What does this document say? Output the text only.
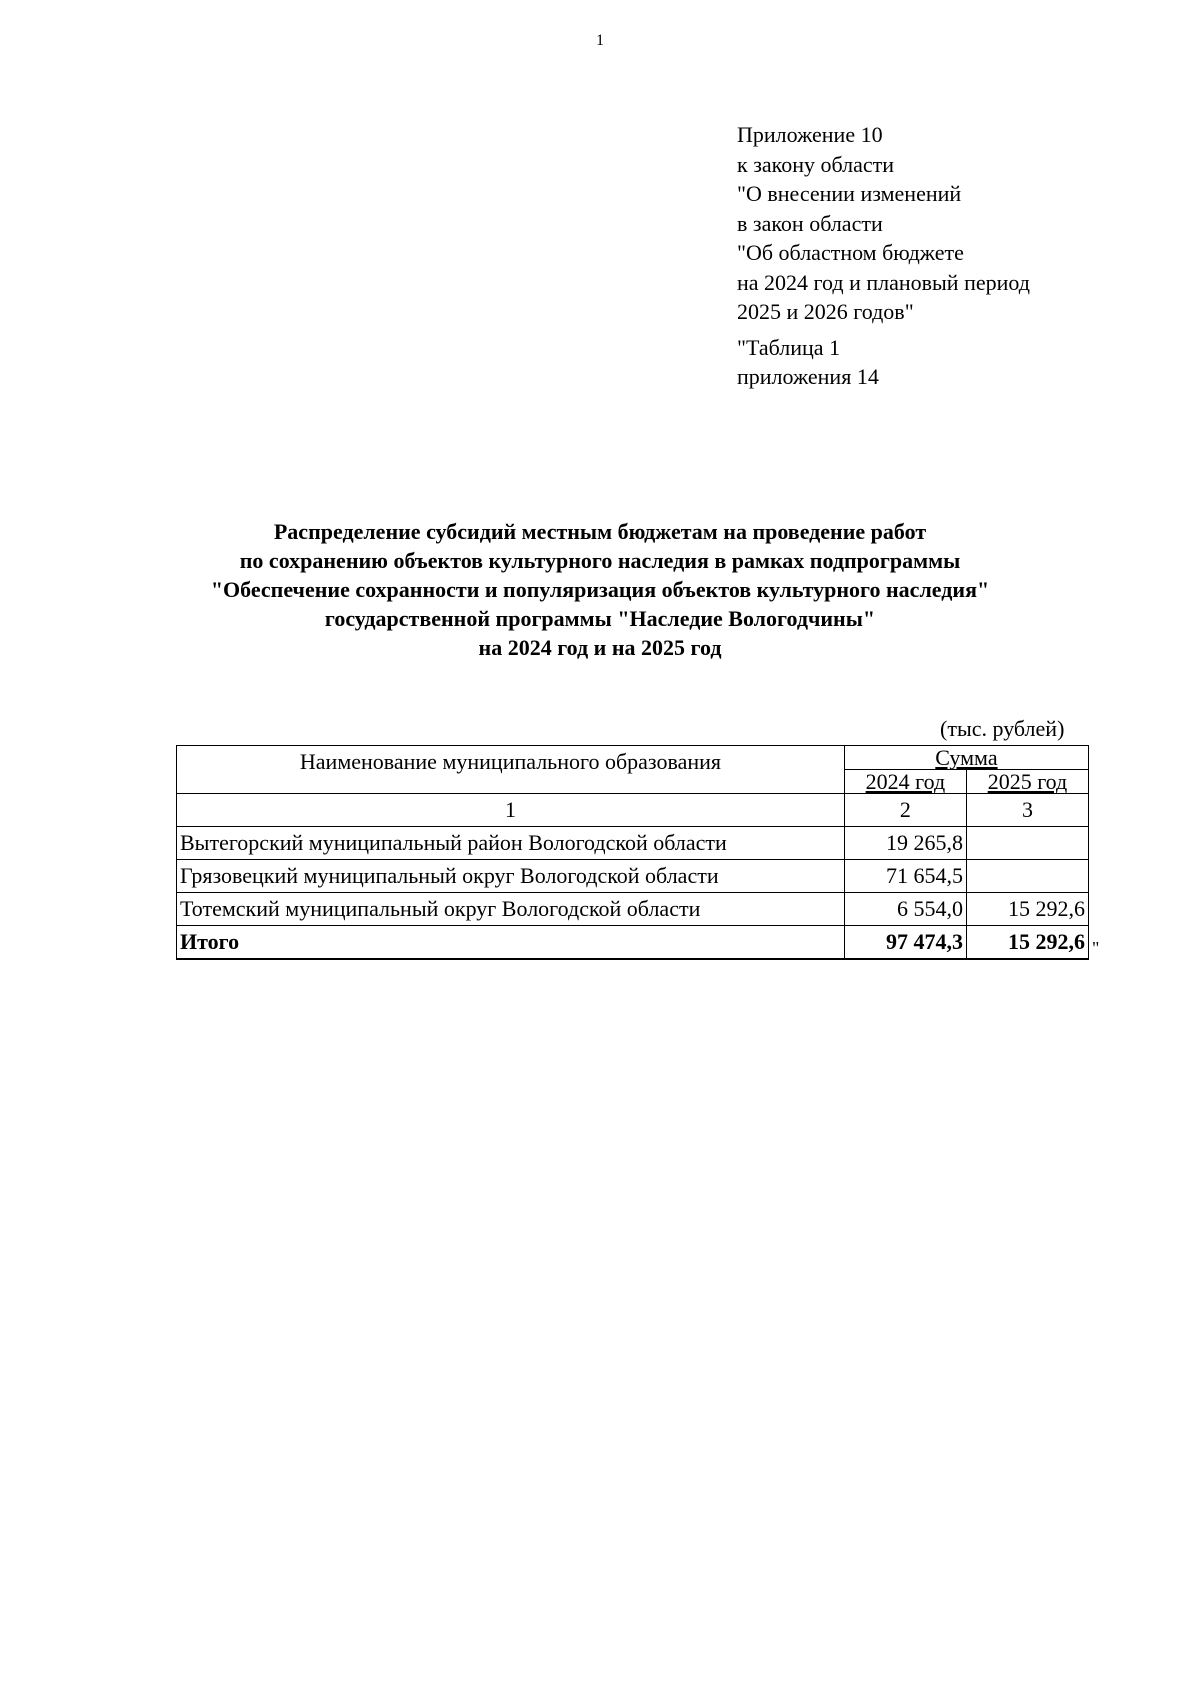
1
Приложение 10
к закону области
"О внесении изменений
в закон области
"Об областном бюджете
на 2024 год и плановый период
2025 и 2026 годов"
"Таблица 1
приложения 14
Распределение субсидий местным бюджетам на проведение работ
по сохранению объектов культурного наследия в рамках подпрограммы
"Обеспечение сохранности и популяризация объектов культурного наследия"
государственной программы "Наследие Вологодчины"
на 2024 год и на 2025 год
(тыс. рублей)
Наименование муниципального образования	Сумма	
	2024 год	2025 год
1	2	3
Вытегорский муниципальный район Вологодской области	19 265,8	
Грязовецкий муниципальный округ Вологодской области	71 654,5	
Тотемский муниципальный округ Вологодской области	6 554,0	15 292,6
Итого	97 474,3	15 292,6 "
